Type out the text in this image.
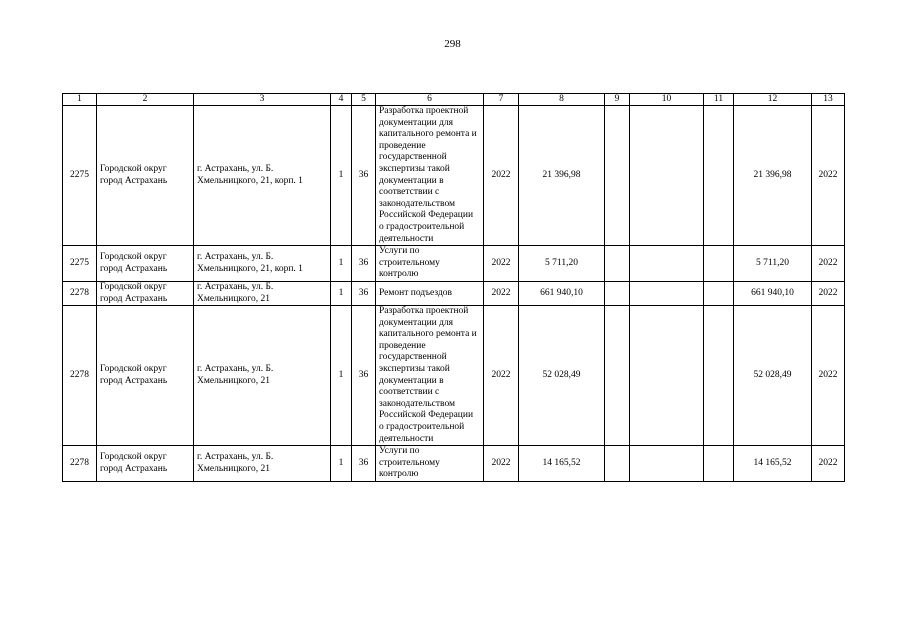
298
1	2	3	4	5	6	7	8	9	10	11	12	13
2275	Городской округ город Астрахань	г. Астрахань, ул. Б. Хмельницкого, 21, корп. 1	1	36	Разработка проектной документации для капитального ремонта и проведение государственной экспертизы такой документации в соответствии с законодательством Российской Федерации о градостроительной деятельности	2022	21 396,98				21 396,98	2022
2275	Городской округ город Астрахань	г. Астрахань, ул. Б. Хмельницкого, 21, корп. 1	1	36	Услуги по строительному контролю	2022	5 711,20				5 711,20	2022
2278	Городской округ город Астрахань	г. Астрахань, ул. Б. Хмельницкого, 21	1	36	Ремонт подъездов	2022	661 940,10				661 940,10	2022
2278	Городской округ город Астрахань	г. Астрахань, ул. Б. Хмельницкого, 21	1	36	Разработка проектной документации для капитального ремонта и проведение государственной экспертизы такой документации в соответствии с законодательством Российской Федерации о градостроительной деятельности	2022	52 028,49				52 028,49	2022
2278	Городской округ город Астрахань	г. Астрахань, ул. Б. Хмельницкого, 21	1	36	Услуги по строительному контролю	2022	14 165,52				14 165,52	2022
